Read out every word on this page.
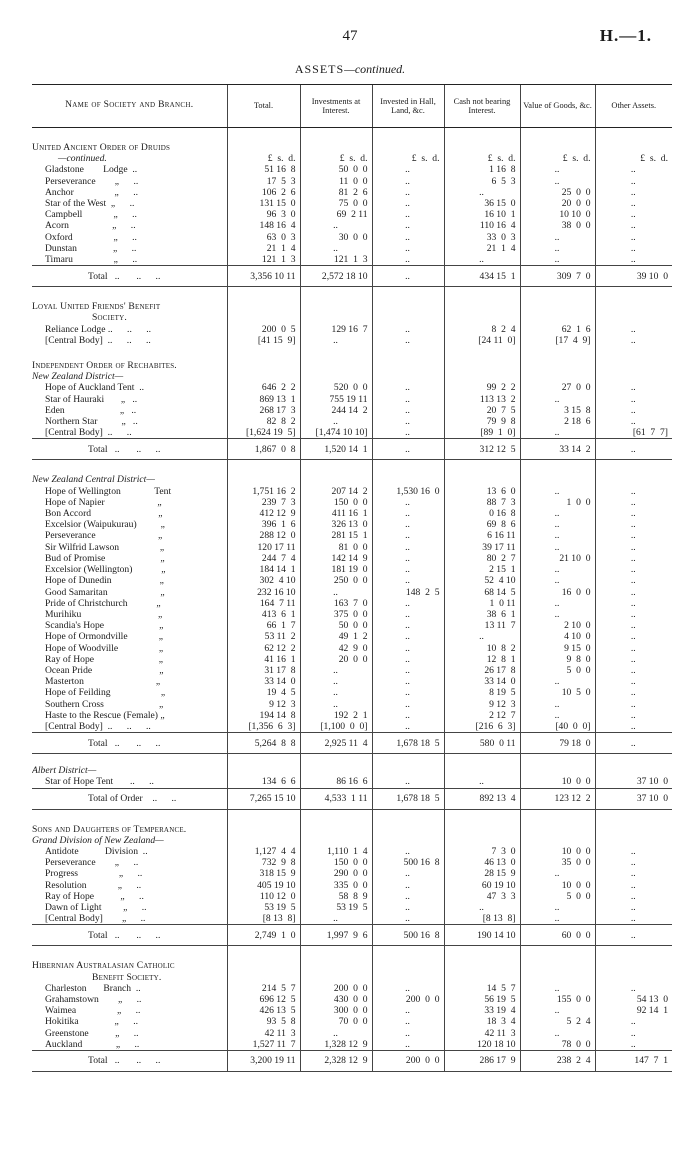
47	H.—1.
ASSETS—continued.
Name of Society and Branch.	Total.	Investments at Interest.	Invested in Hall, Land, &c.	Cash not bearing Interest.	Value of Goods, &c.	Other Assets.

United Ancient Order of Druids						
—continued.	£  s.  d.	£  s.  d.	£  s.  d.	£  s.  d.	£  s.  d.	£  s.  d.
Gladstone        Lodge  ..	51 16  8	50  0  0	..	1 16  8	..	..
Perseverance        „      ..	17  5  3	11  0  0	..	6  5  3	..	..
Anchor                 „      ..	106  2  6	81  2  6	..	..	25  0  0	..
Star of the West  „      ..	131 15  0	75  0  0	..	36 15  0	20  0  0	..
Campbell             „      ..	96  3  0	69  2 11	..	16 10  1	10 10  0	..
Acorn                  „      ..	148 16  4	..	..	110 16  4	38  0  0	..
Oxford                 „      ..	63  0  3	30  0  0	..	33  0  3	..	..
Dunstan               „      ..	21  1  4	..	..	21  1  4	..	..
Timaru                 „      ..	121  1  3	121  1  3	..	..	..	..
Total   ..       ..      ..	3,356 10 11	2,572 18 10	..	434 15  1	309  7  0	39 10  0

Loyal United Friends' Benefit						
Society.						
Reliance Lodge ..      ..      ..	200  0  5	129 16  7	..	8  2  4	62  1  6	..
[Central Body]  ..      ..      ..	[41 15  9]	..	..	[24 11  0]	[17  4  9]	..

Independent Order of Rechabites.						
New Zealand District—						
Hope of Auckland Tent  ..	646  2  2	520  0  0	..	99  2  2	27  0  0	..
Star of Hauraki       „   ..	869 13  1	755 19 11	..	113 13  2	..	..
Eden                       „   ..	268 17  3	244 14  2	..	20  7  5	3 15  8	..
Northern Star          „   ..	82  8  2	..	..	79  9  8	2 18  6	..
[Central Body]  ..      ..	[1,624 19  5]	[1,474 10 10]	..	[89  1  0]	..	[61  7  7]
Total   ..       ..      ..	1,867  0  8	1,520 14  1	..	312 12  5	33 14  2	..

New Zealand Central District—						
Hope of Wellington              Tent	1,751 16  2	207 14  2	1,530 16  0	13  6  0	..	..
Hope of Napier                      „	239  7  3	150  0  0	..	88  7  3	1  0  0	..
Bon Accord                            „	412 12  9	411 16  1	..	0 16  8	..	..
Excelsior (Waipukurau)          „	396  1  6	326 13  0	..	69  8  6	..	..
Perseverance                          „	288 12  0	281 15  1	..	6 16 11	..	..
Sir Wilfrid Lawson                 „	120 17 11	81  0  0	..	39 17 11	..	..
Bud of Promise                       „	244  7  4	142 14  9	..	80  2  7	21 10  0	..
Excelsior (Wellington)            „	184 14  1	181 19  0	..	2 15  1	..	..
Hope of Dunedin                    „	302  4 10	250  0  0	..	52  4 10	..	..
Good Samaritan                      „	232 16 10	..	148  2  5	68 14  5	16  0  0	..
Pride of Christchurch            „	164  7 11	163  7  0	..	1  0 11	..	..
Murihiku                                „	413  6  1	375  0  0	..	38  6  1	..	..
Scandia's Hope                       „	66  1  7	50  0  0	..	13 11  7	2 10  0	..
Hope of Ormondville             „	53 11  2	49  1  2	..	..	4 10  0	..
Hope of Woodville                 „	62 12  2	42  9  0	..	10  8  2	9 15  0	..
Ray of Hope                           „	41 16  1	20  0  0	..	12  8  1	9  8  0	..
Ocean Pride                            „	31 17  8	..	..	26 17  8	5  0  0	..
Masterton                              „	33 14  0	..	..	33 14  0	..	..
Hope of Feilding                     „	19  4  5	..	..	8 19  5	10  5  0	..
Southern Cross                       „	9 12  3	..	..	9 12  3	..	..
Haste to the Rescue (Female) „	194 14  8	192  2  1	..	2 12  7	..	..
[Central Body]  ..      ..      ..	[1,356  6  3]	[1,100  0  0]	..	[216  6  3]	[40  0  0]	..
Total   ..       ..      ..	5,264  8  8	2,925 11  4	1,678 18  5	580  0 11	79 18  0	..

Albert District—						
Star of Hope Tent       ..      ..	134  6  6	86 16  6	..	..	10  0  0	37 10  0
Total of Order    ..      ..	7,265 15 10	4,533  1 11	1,678 18  5	892 13  4	123 12  2	37 10  0

Sons and Daughters of Temperance.						
Grand Division of New Zealand—						
Antidote           Division  ..	1,127  4  4	1,110  1  4	..	7  3  0	10  0  0	..
Perseverance        „      ..	732  9  8	150  0  0	500 16  8	46 13  0	35  0  0	..
Progress                 „      ..	318 15  9	290  0  0	..	28 15  9	..	..
Resolution             „      ..	405 19 10	335  0  0	..	60 19 10	10  0  0	..
Ray of Hope           „      ..	110 12  0	58  8  9	..	47  3  3	5  0  0	..
Dawn of Light         „      ..	53 19  5	53 19  5	..	..	..	..
[Central Body]        „      ..	[8 13  8]	..	..	[8 13  8]	..	..
Total   ..       ..      ..	2,749  1  0	1,997  9  6	500 16  8	190 14 10	60  0  0	..

Hibernian Australasian Catholic						
Benefit Society.						
Charleston       Branch  ..	214  5  7	200  0  0	..	14  5  7	..	..
Grahamstown        „      ..	696 12  5	430  0  0	200  0  0	56 19  5	155  0  0	54 13  0
Waimea                 „      ..	426 13  5	300  0  0	..	33 19  4	..	92 14  1
Hokitika               „      ..	93  5  8	70  0  0	..	18  3  4	5  2  4	..
Greenstone           „      ..	42 11  3	..	..	42 11  3	..	..
Auckland              „      ..	1,527 11  7	1,328 12  9	..	120 18 10	78  0  0	..
Total   ..       ..      ..	3,200 19 11	2,328 12  9	200  0  0	286 17  9	238  2  4	147  7  1
